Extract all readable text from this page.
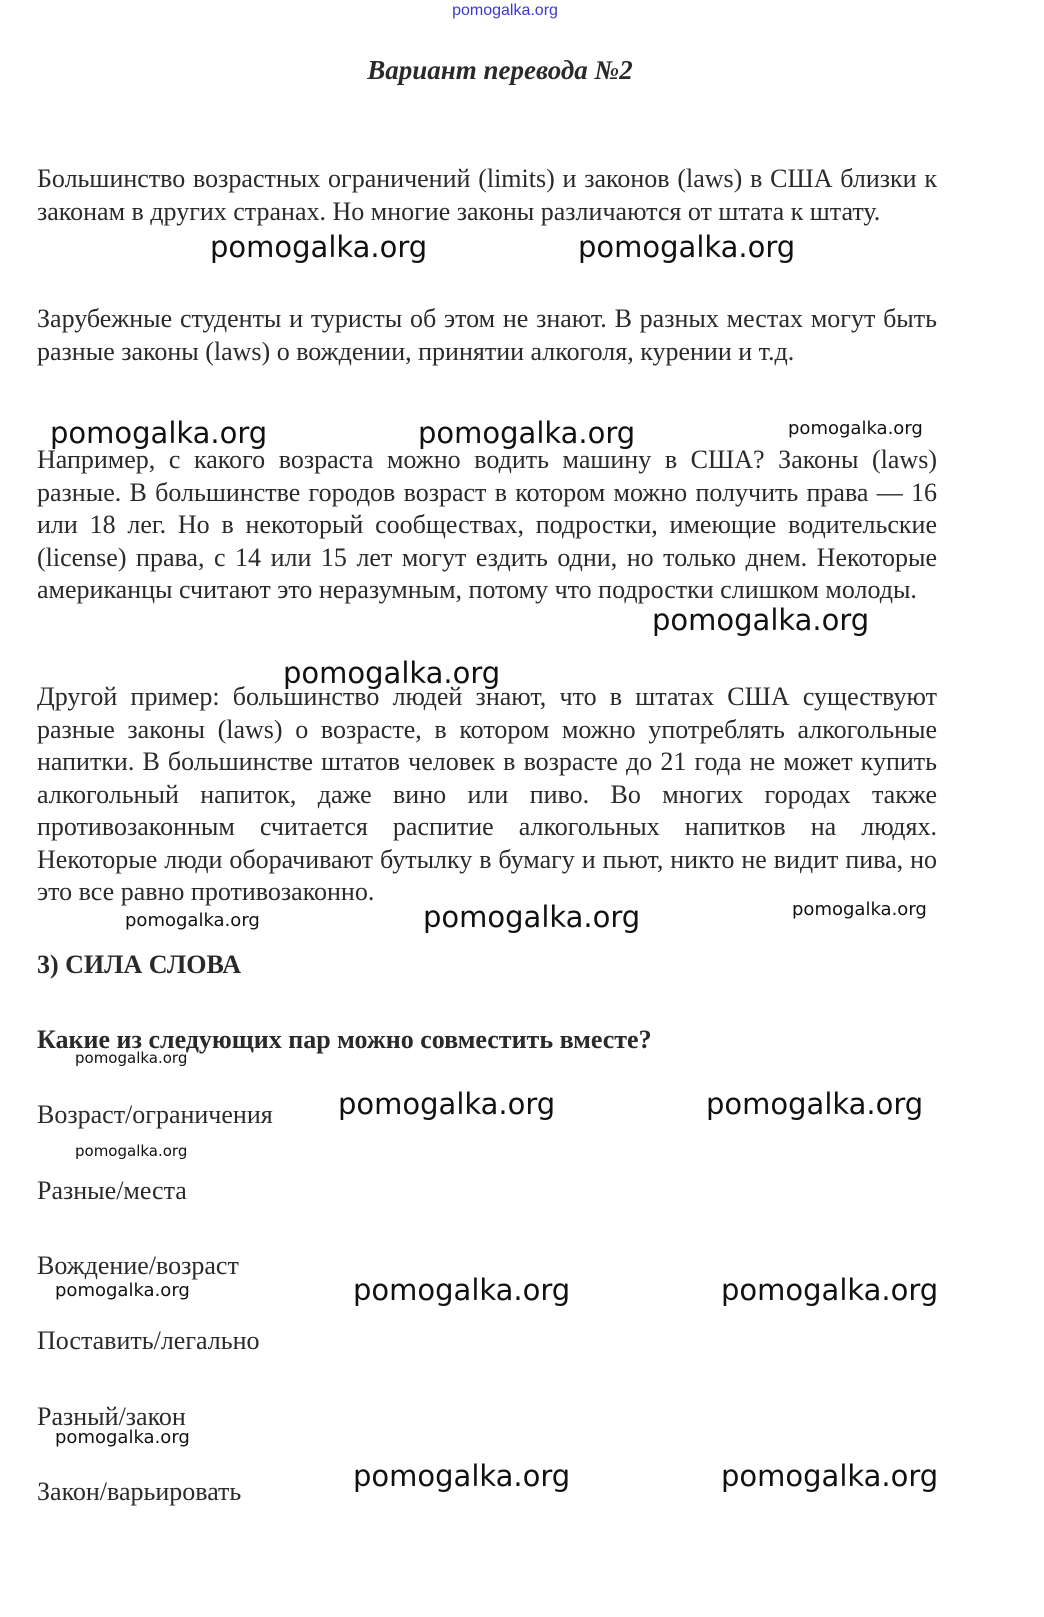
pomogalka.org
Вариант перевода №2

Большинство возрастных ограничений (limits) и законов (laws) в США близки к законам в других странах. Но многие законы различаются от штата к штату.

Зарубежные студенты и туристы об этом не знают. В разных местах могут быть разные законы (laws) о вождении, принятии алкоголя, курении и т.д.

Например, с какого возраста можно водить машину в США? Законы (laws) разные. В большинстве городов возраст в котором можно получить права — 16 или 18 лег. Но в некоторый сообществах, подростки, имеющие водительские (license) права, с 14 или 15 лет могут ездить одни, но только днем. Некоторые американцы считают это неразумным, потому что подростки слишком молоды.

Другой пример: большинство людей знают, что в штатах США существуют разные законы (laws) о возрасте, в котором можно употреблять алкогольные напитки. В большинстве штатов человек в возрасте до 21 года не может купить алкогольный напиток, даже вино или пиво. Во многих городах также противозаконным считается распитие алкогольных напитков на людях. Некоторые люди оборачивают бутылку в бумагу и пьют, никто не видит пива, но это все равно противозаконно.

3) СИЛА СЛОВА
Какие из следующих пар можно совместить вместе?
Возраст/ограничения
Разные/места
Вождение/возраст
Поставить/легально
Разный/закон
Закон/варьировать
pomogalka.org	pomogalka.org
pomogalka.org	pomogalka.org	pomogalka.org
pomogalka.org
pomogalka.org
pomogalka.org	pomogalka.org	pomogalka.org
pomogalka.org
pomogalka.org	pomogalka.org
pomogalka.org
pomogalka.org	pomogalka.org	pomogalka.org
pomogalka.org
pomogalka.org	pomogalka.org
